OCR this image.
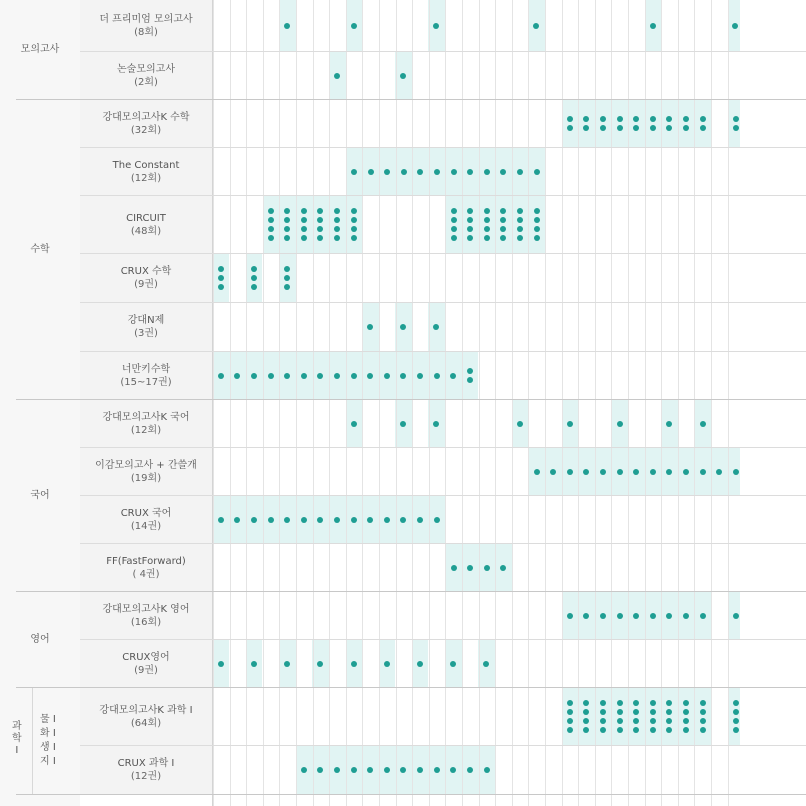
더 프리미엄 모의고사
(8회)
논술모의고사
(2회)
강대모의고사K 수학
(32회)
The Constant
(12회)
CIRCUIT
(48회)
CRUX 수학
(9권)
강대N제
(3권)
너만키수학
(15~17권)
강대모의고사K 국어
(12회)
이감모의고사 + 간쓸개
(19회)
CRUX 국어
(14권)
FF(FastForward)
( 4권)
강대모의고사K 영어
(16회)
CRUX영어
(9권)
강대모의고사K 과학 I
(64회)
CRUX 과학 I
(12권)
모의고사
수학
국어
영어
과
학
I
물 I
화 I
생 I
지 I
